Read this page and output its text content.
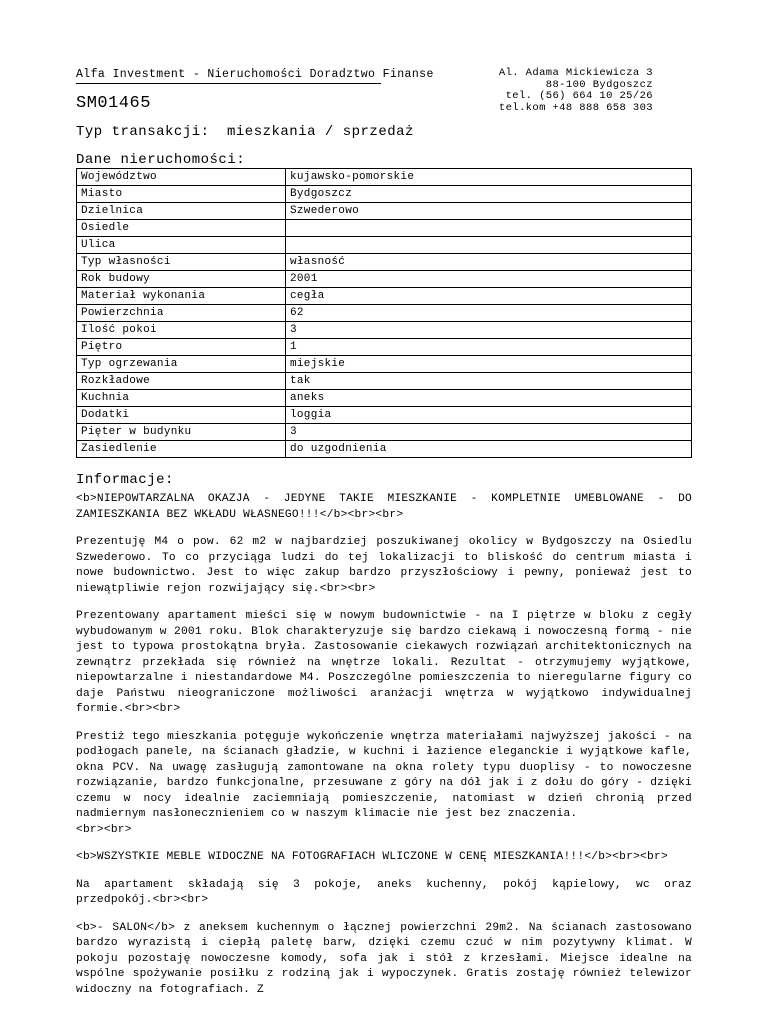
Alfa Investment - Nieruchomości Doradztwo Finanse
SM01465
Al. Adama Mickiewicza 3
88-100 Bydgoszcz
tel. (56) 664 10 25/26
tel.kom +48 888 658 303
Typ transakcji: mieszkania / sprzedaż
Dane nieruchomości:
Województwo	kujawsko-pomorskie
Miasto	Bydgoszcz
Dzielnica	Szwederowo
Osiedle	
Ulica	
Typ własności	własność
Rok budowy	2001
Materiał wykonania	cegła
Powierzchnia	62
Ilość pokoi	3
Piętro	1
Typ ogrzewania	miejskie
Rozkładowe	tak
Kuchnia	aneks
Dodatki	loggia
Pięter w budynku	3
Zasiedlenie	do uzgodnienia
Informacje:

<b>NIEPOWTARZALNA OKAZJA - JEDYNE TAKIE MIESZKANIE - KOMPLETNIE UMEBLOWANE - DO ZAMIESZKANIA BEZ WKŁADU WŁASNEGO!!!</b><br><br>

Prezentuję M4 o pow. 62 m2 w najbardziej poszukiwanej okolicy w Bydgoszczy na Osiedlu Szwederowo. To co przyciąga ludzi do tej lokalizacji to bliskość do centrum miasta i nowe budownictwo. Jest to więc zakup bardzo przyszłościowy i pewny, ponieważ jest to niewątpliwie rejon rozwijający się.<br><br>

Prezentowany apartament mieści się w nowym budownictwie - na I piętrze w bloku z cegły wybudowanym w 2001 roku. Blok charakteryzuje się bardzo ciekawą i nowoczesną formą - nie jest to typowa prostokątna bryła. Zastosowanie ciekawych rozwiązań architektonicznych na zewnątrz przekłada się również na wnętrze lokali. Rezultat - otrzymujemy wyjątkowe, niepowtarzalne i niestandardowe M4. Poszczególne pomieszczenia to nieregularne figury co daje Państwu nieograniczone możliwości aranżacji wnętrza w wyjątkowo indywidualnej formie.<br><br>

Prestiż tego mieszkania potęguje wykończenie wnętrza materiałami najwyższej jakości - na podłogach panele, na ścianach gładzie, w kuchni i łazience eleganckie i wyjątkowe kafle, okna PCV. Na uwagę zasługują zamontowane na okna rolety typu duoplisy - to nowoczesne rozwiązanie, bardzo funkcjonalne, przesuwane z góry na dół jak i z dołu do góry - dzięki czemu w nocy idealnie zaciemniają pomieszczenie, natomiast w dzień chronią przed nadmiernym nasłonecznieniem co w naszym klimacie nie jest bez znaczenia.

<br><br>

<b>WSZYSTKIE MEBLE WIDOCZNE NA FOTOGRAFIACH WLICZONE W CENĘ MIESZKANIA!!!</b><br><br>

Na apartament składają się 3 pokoje, aneks kuchenny, pokój kąpielowy, wc oraz przedpokój.<br><br>

<b>- SALON</b> z aneksem kuchennym o łącznej powierzchni 29m2. Na ścianach zastosowano bardzo wyrazistą i ciepłą paletę barw, dzięki czemu czuć w nim pozytywny klimat. W pokoju pozostaję nowoczesne komody, sofa jak i stół z krzesłami. Miejsce idealne na wspólne spożywanie posiłku z rodziną jak i wypoczynek. Gratis zostaję również telewizor widoczny na fotografiach. Z
